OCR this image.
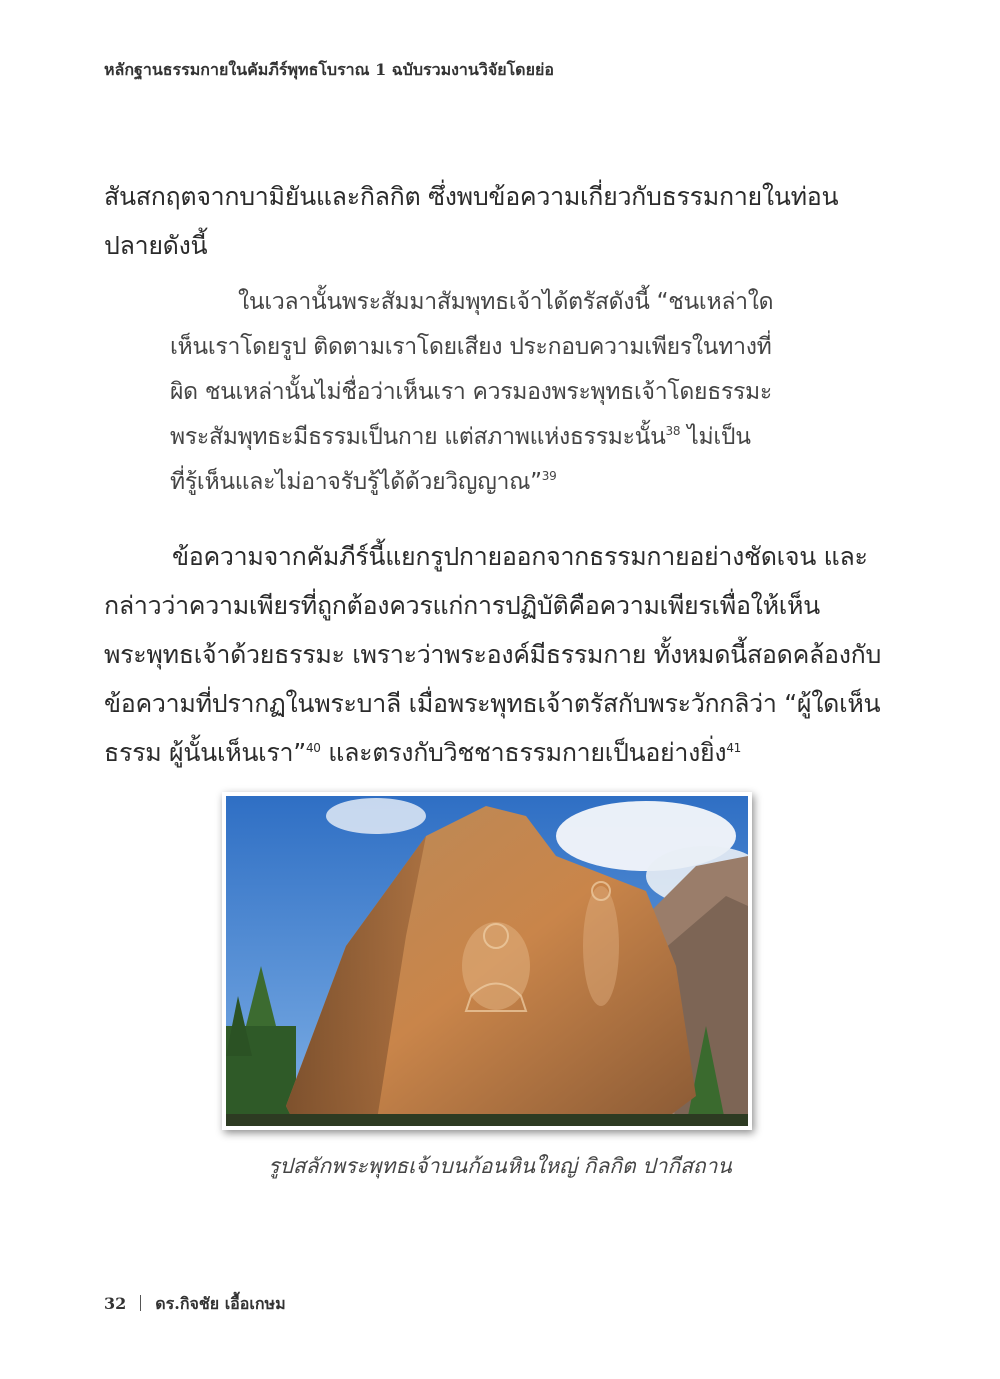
หลักฐานธรรมกายในคัมภีร์พุทธโบราณ 1 ฉบับรวมงานวิจัยโดยย่อ

สันสกฤตจากบามิยันและกิลกิต ซึ่งพบข้อความเกี่ยวกับธรรมกายในท่อน
ปลายดังนี้

ในเวลานั้นพระสัมมาสัมพุทธเจ้าได้ตรัสดังนี้ “ชนเหล่าใด
เห็นเราโดยรูป ติดตามเราโดยเสียง ประกอบความเพียรในทางที่
ผิด ชนเหล่านั้นไม่ชื่อว่าเห็นเรา ควรมองพระพุทธเจ้าโดยธรรมะ
พระสัมพุทธะมีธรรมเป็นกาย แต่สภาพแห่งธรรมะนั้น$^{38}$ ไม่เป็น
ที่รู้เห็นและไม่อาจรับรู้ได้ด้วยวิญญาณ”$^{39}$

ข้อความจากคัมภีร์นี้แยกรูปกายออกจากธรรมกายอย่างชัดเจน และ
กล่าวว่าความเพียรที่ถูกต้องควรแก่การปฏิบัติคือความเพียรเพื่อให้เห็น
พระพุทธเจ้าด้วยธรรมะ เพราะว่าพระองค์มีธรรมกาย ทั้งหมดนี้สอดคล้องกับ
ข้อความที่ปรากฏในพระบาลี เมื่อพระพุทธเจ้าตรัสกับพระวักกลิว่า “ผู้ใดเห็น
ธรรม ผู้นั้นเห็นเรา”$^{40}$ และตรงกับวิชชาธรรมกายเป็นอย่างยิ่ง$^{41}$

รูปสลักพระพุทธเจ้าบนก้อนหินใหญ่ กิลกิต ปากีสถาน
32 ดร.กิจชัย เอื้อเกษม
